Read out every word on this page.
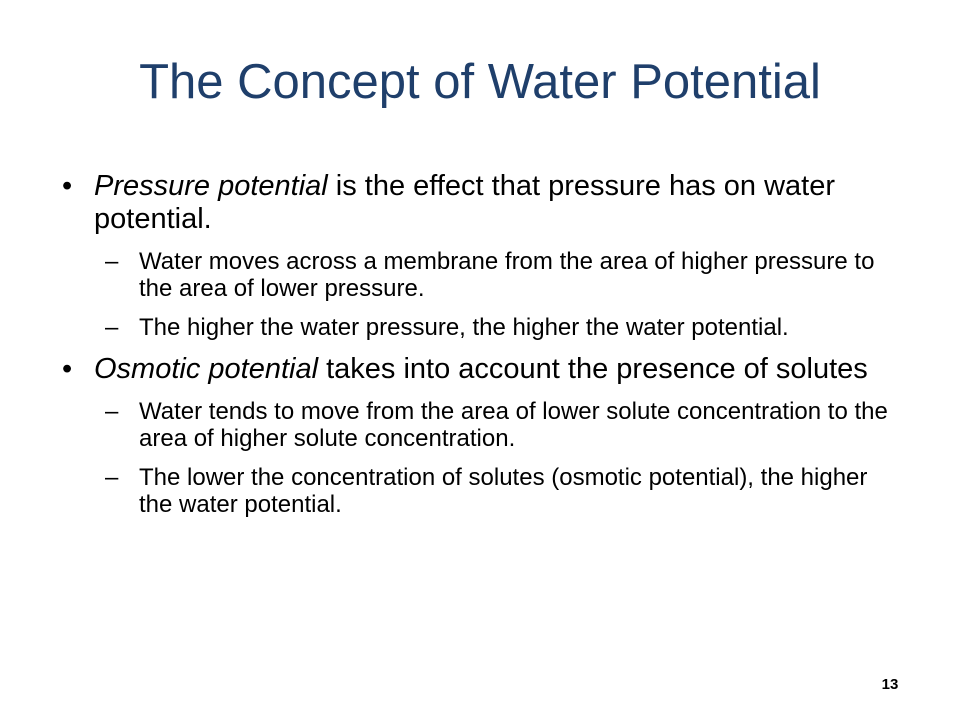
The Concept of Water Potential
• Pressure potential is the effect that pressure has on water potential.
– Water moves across a membrane from the area of higher pressure to the area of lower pressure.
– The higher the water pressure, the higher the water potential.
• Osmotic potential takes into account the presence of solutes
– Water tends to move from the area of lower solute concentration to the area of higher solute concentration.
– The lower the concentration of solutes (osmotic potential), the higher the water potential.
13
